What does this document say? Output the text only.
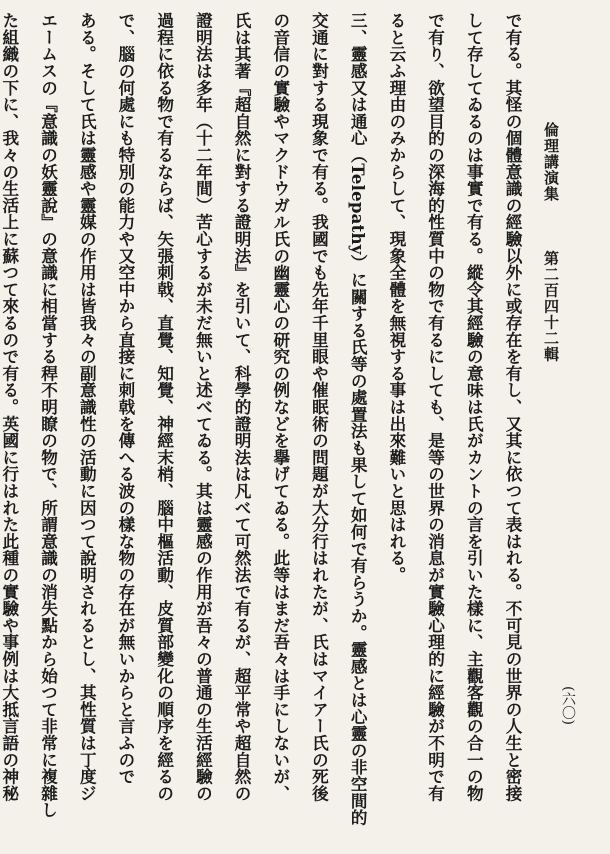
倫理講演集 第二百四十二輯
(六〇)
で有る。其怪の個體意識の經驗以外に或存在を有し、又其に依つて表はれる。不可見の世界の人生と密接
して存してゐるのは事實で有る。縱令其經驗の意味は氏がカントの言を引いた樣に、主觀客觀の合一の物
で有り、欲望目的の深海的性質中の物で有るにしても、是等の世界の消息が實驗心理的に經驗が不明で有
ると云ふ理由のみからして、現象全體を無視する事は出來難いと思はれる。
三、靈感又は通心（Telepathy）に關する氏等の處置法も果して如何で有らうか。靈感とは心靈の非空間的
交通に對する現象で有る。我國でも先年千里眼や催眠術の問題が大分行はれたが、氏はマイアー氏の死後
の音信の實驗やマクドウガル氏の幽靈心の研究の例などを擧げてゐる。此等はまだ吾々は手にしないが、
氏は其著『超自然に對する證明法』を引いて、科學的證明法は凡べて可然法で有るが、超平常や超自然の
證明法は多年（十二年間）苦心するが未だ無いと述べてゐる。其は靈感の作用が吾々の普通の生活經驗の
過程に依る物で有るならば、矢張刺戟、直覺、知覺、神經末梢、腦中樞活動、皮質部變化の順序を經るの
で、腦の何處にも特別の能力や又空中から直接に刺戟を傳へる波の樣な物の存在が無いからと言ふので
ある。そして氏は靈感や靈媒の作用は皆我々の副意識性の活動に因つて說明されるとし、其性質は丁度ジ
エームスの『意識の妖靈說』の意識に相當する稈不明瞭の物で、所謂意識の消失點から始つて非常に複雜し
た組織の下に、我々の生活上に蘇つて來るので有る。英國に行はれた此種の實驗や事例は大抵言語の神秘
